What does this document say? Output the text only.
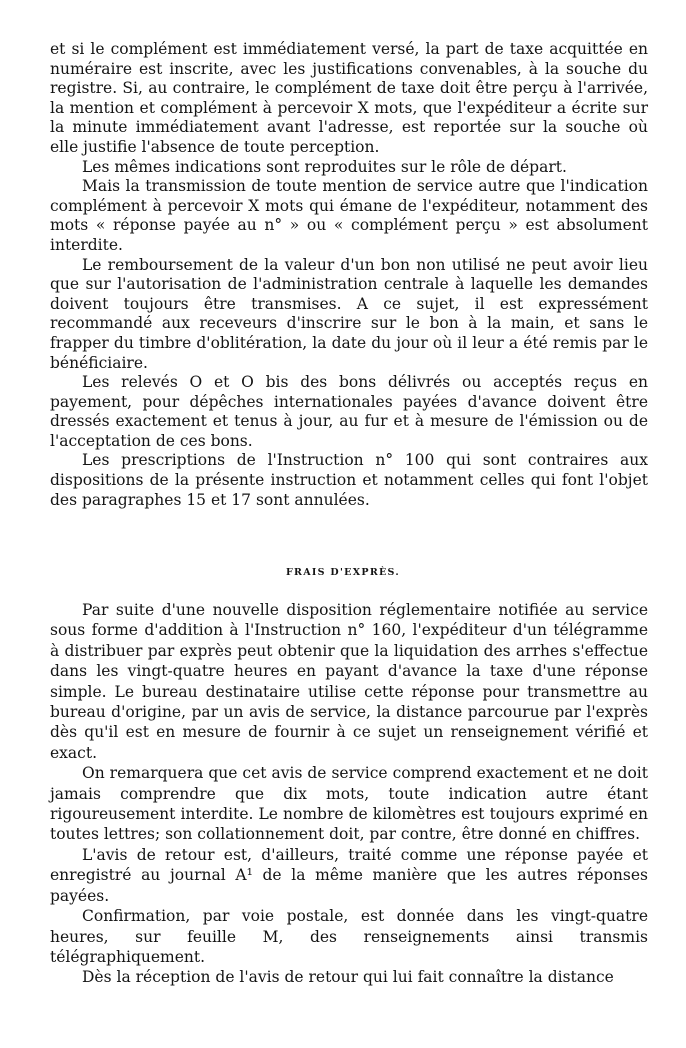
et si le complément est immédiatement versé, la part de taxe acquittée en numéraire est inscrite, avec les justifications convenables, à la souche du registre. Si, au contraire, le complément de taxe doit être perçu à l'arrivée, la mention et complément à percevoir X mots, que l'expéditeur a écrite sur la minute immédiatement avant l'adresse, est reportée sur la souche où elle justifie l'absence de toute perception.

Les mêmes indications sont reproduites sur le rôle de départ.

Mais la transmission de toute mention de service autre que l'indication complément à percevoir X mots qui émane de l'expéditeur, notamment des mots « réponse payée au n° » ou « complément perçu » est absolument interdite.

Le remboursement de la valeur d'un bon non utilisé ne peut avoir lieu que sur l'autorisation de l'administration centrale à laquelle les demandes doivent toujours être transmises. A ce sujet, il est expressément recommandé aux receveurs d'inscrire sur le bon à la main, et sans le frapper du timbre d'oblitération, la date du jour où il leur a été remis par le bénéficiaire.

Les relevés O et O bis des bons délivrés ou acceptés reçus en payement, pour dépêches internationales payées d'avance doivent être dressés exactement et tenus à jour, au fur et à mesure de l'émission ou de l'acceptation de ces bons.

Les prescriptions de l'Instruction n° 100 qui sont contraires aux dispositions de la présente instruction et notamment celles qui font l'objet des paragraphes 15 et 17 sont annulées.

FRAIS D'EXPRÈS.

Par suite d'une nouvelle disposition réglementaire notifiée au service sous forme d'addition à l'Instruction n° 160, l'expéditeur d'un télégramme à distribuer par exprès peut obtenir que la liquidation des arrhes s'effectue dans les vingt-quatre heures en payant d'avance la taxe d'une réponse simple. Le bureau destinataire utilise cette réponse pour transmettre au bureau d'origine, par un avis de service, la distance parcourue par l'exprès dès qu'il est en mesure de fournir à ce sujet un renseignement vérifié et exact.

On remarquera que cet avis de service comprend exactement et ne doit jamais comprendre que dix mots, toute indication autre étant rigoureusement interdite. Le nombre de kilomètres est toujours exprimé en toutes lettres; son collationnement doit, par contre, être donné en chiffres.

L'avis de retour est, d'ailleurs, traité comme une réponse payée et enregistré au journal A¹ de la même manière que les autres réponses payées.

Confirmation, par voie postale, est donnée dans les vingt-quatre heures, sur feuille M, des renseignements ainsi transmis télégraphiquement.

Dès la réception de l'avis de retour qui lui fait connaître la distance
